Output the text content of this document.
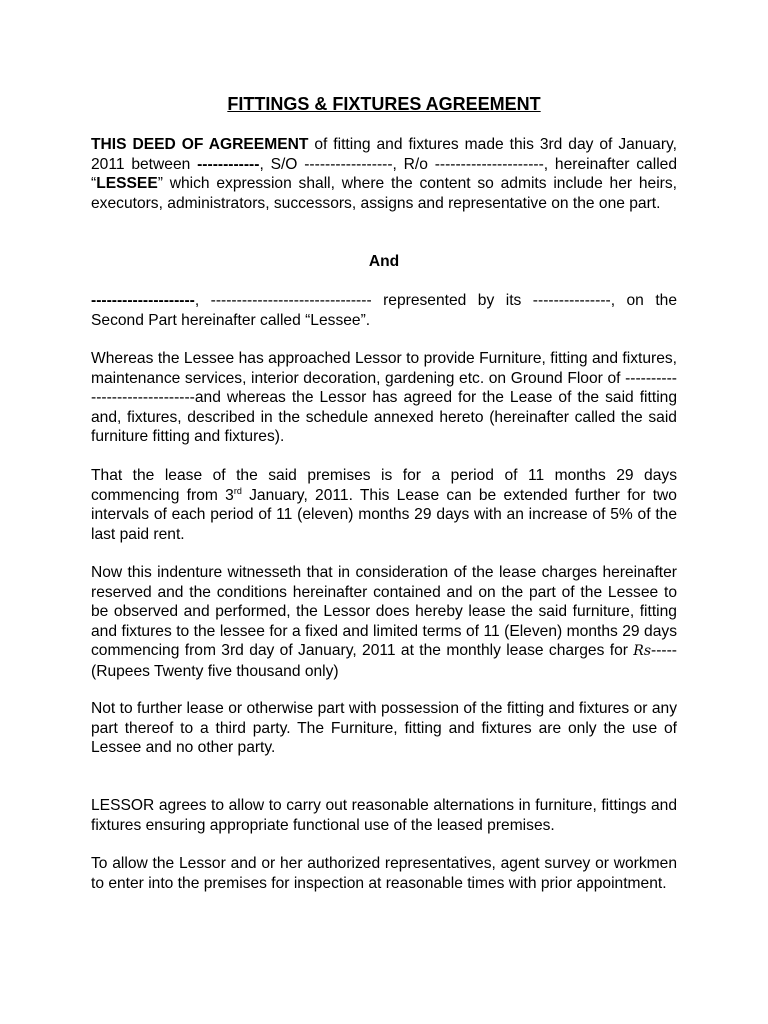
FITTINGS & FIXTURES AGREEMENT

THIS DEED OF AGREEMENT of fitting and fixtures made this 3rd day of January, 2011 between ------------, S/O -----------------, R/o ---------------------, hereinafter called “LESSEE” which expression shall, where the content so admits include her heirs, executors, administrators, successors, assigns and representative on the one part.

And

--------------------, ------------------------------- represented by its ---------------, on the Second Part hereinafter called “Lessee”.

Whereas the Lessee has approached Lessor to provide Furniture, fitting and fixtures, maintenance services, interior decoration, gardening etc. on Ground Floor of ------------------------------and whereas the Lessor has agreed for the Lease of the said fitting and, fixtures, described in the schedule annexed hereto (hereinafter called the said furniture fitting and fixtures).

That the lease of the said premises is for a period of 11 months 29 days commencing from 3rd January, 2011. This Lease can be extended further for two intervals of each period of 11 (eleven) months 29 days with an increase of 5% of the last paid rent.

Now this indenture witnesseth that in consideration of the lease charges hereinafter reserved and the conditions hereinafter contained and on the part of the Lessee to be observed and performed, the Lessor does hereby lease the said furniture, fitting and fixtures to the lessee for a fixed and limited terms of 11 (Eleven) months 29 days commencing from 3rd day of January, 2011 at the monthly lease charges for Rs----- (Rupees Twenty five thousand only)

Not to further lease or otherwise part with possession of the fitting and fixtures or any part thereof to a third party. The Furniture, fitting and fixtures are only the use of Lessee and no other party.

LESSOR agrees to allow to carry out reasonable alternations in furniture, fittings and fixtures ensuring appropriate functional use of the leased premises.

To allow the Lessor and or her authorized representatives, agent survey or workmen to enter into the premises for inspection at reasonable times with prior appointment.
